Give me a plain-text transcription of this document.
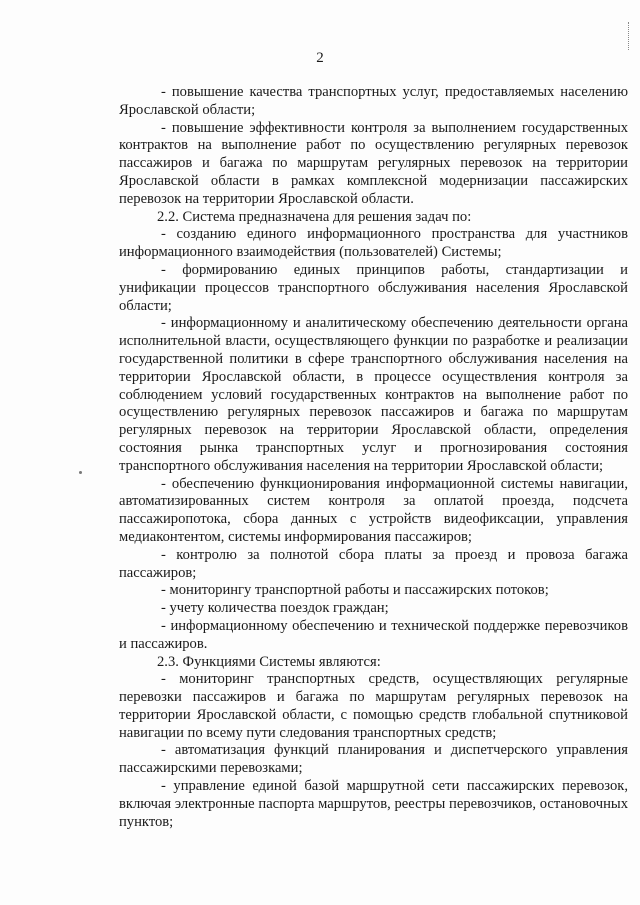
2

- повышение качества транспортных услуг, предоставляемых населению Ярославской области;

- повышение эффективности контроля за выполнением государственных контрактов на выполнение работ по осуществлению регулярных перевозок пассажиров и багажа по маршрутам регулярных перевозок на территории Ярославской области в рамках комплексной модернизации пассажирских перевозок на территории Ярославской области.

2.2. Система предназначена для решения задач по:

- созданию единого информационного пространства для участников информационного взаимодействия (пользователей) Системы;

- формированию единых принципов работы, стандартизации и унификации процессов транспортного обслуживания населения Ярославской области;

- информационному и аналитическому обеспечению деятельности органа исполнительной власти, осуществляющего функции по разработке и реализации государственной политики в сфере транспортного обслуживания населения на территории Ярославской области, в процессе осуществления контроля за соблюдением условий государственных контрактов на выполнение работ по осуществлению регулярных перевозок пассажиров и багажа по маршрутам регулярных перевозок на территории Ярославской области, определения состояния рынка транспортных услуг и прогнозирования состояния транспортного обслуживания населения на территории Ярославской области;

- обеспечению функционирования информационной системы навигации, автоматизированных систем контроля за оплатой проезда, подсчета пассажиропотока, сбора данных с устройств видеофиксации, управления медиаконтентом, системы информирования пассажиров;

- контролю за полнотой сбора платы за проезд и провоза багажа пассажиров;

- мониторингу транспортной работы и пассажирских потоков;

- учету количества поездок граждан;

- информационному обеспечению и технической поддержке перевозчиков и пассажиров.

2.3. Функциями Системы являются:

- мониторинг транспортных средств, осуществляющих регулярные перевозки пассажиров и багажа по маршрутам регулярных перевозок на территории Ярославской области, с помощью средств глобальной спутниковой навигации по всему пути следования транспортных средств;

- автоматизация функций планирования и диспетчерского управления пассажирскими перевозками;

- управление единой базой маршрутной сети пассажирских перевозок, включая электронные паспорта маршрутов, реестры перевозчиков, остановочных пунктов;
